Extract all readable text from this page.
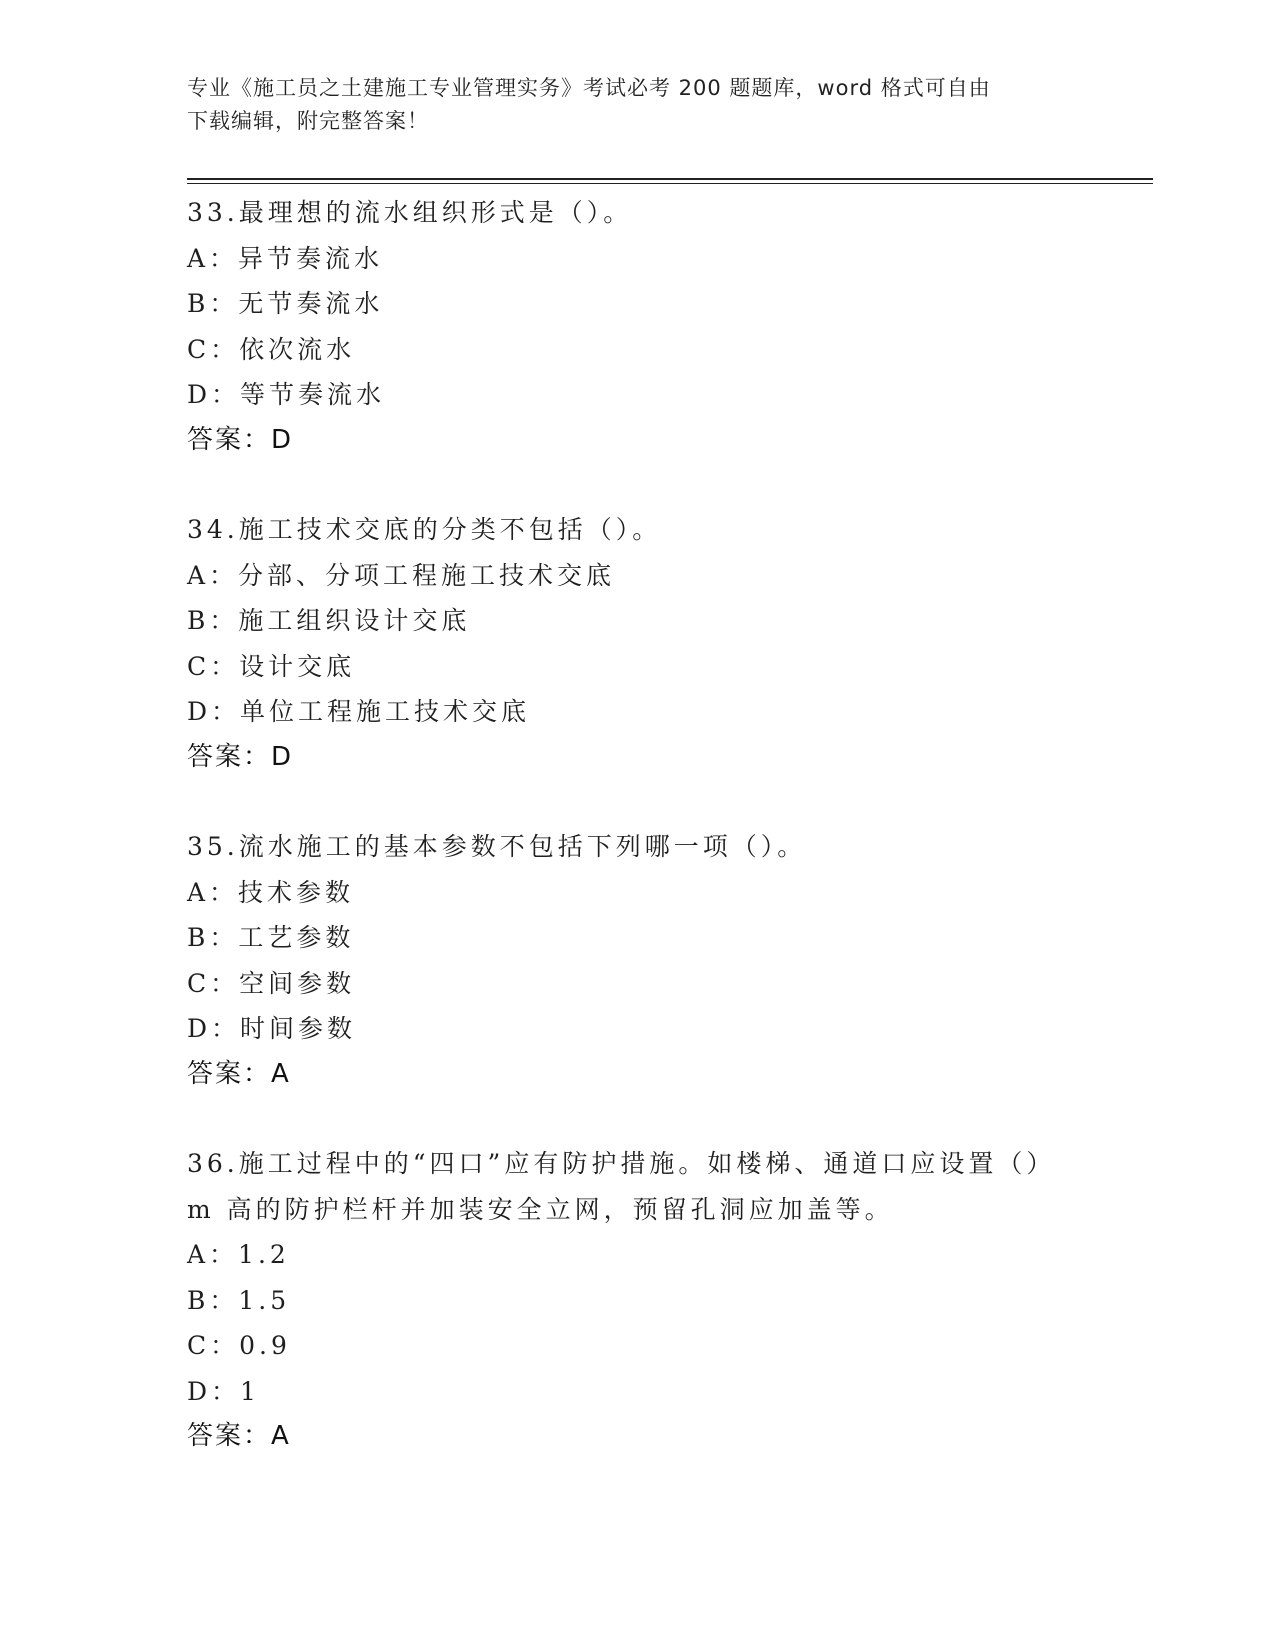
专业《施工员之土建施工专业管理实务》考试必考 200 题题库，word 格式可自由
下载编辑，附完整答案！
33.最理想的流水组织形式是（）。
A：异节奏流水
B：无节奏流水
C：依次流水
D：等节奏流水
答案：D
34.施工技术交底的分类不包括（）。
A：分部、分项工程施工技术交底
B：施工组织设计交底
C：设计交底
D：单位工程施工技术交底
答案：D
35.流水施工的基本参数不包括下列哪一项（）。
A：技术参数
B：工艺参数
C：空间参数
D：时间参数
答案：A
36.施工过程中的“四口”应有防护措施。如楼梯、通道口应设置（）
m 高的防护栏杆并加装安全立网，预留孔洞应加盖等。
A：1.2
B：1.5
C：0.9
D：1
答案：A
